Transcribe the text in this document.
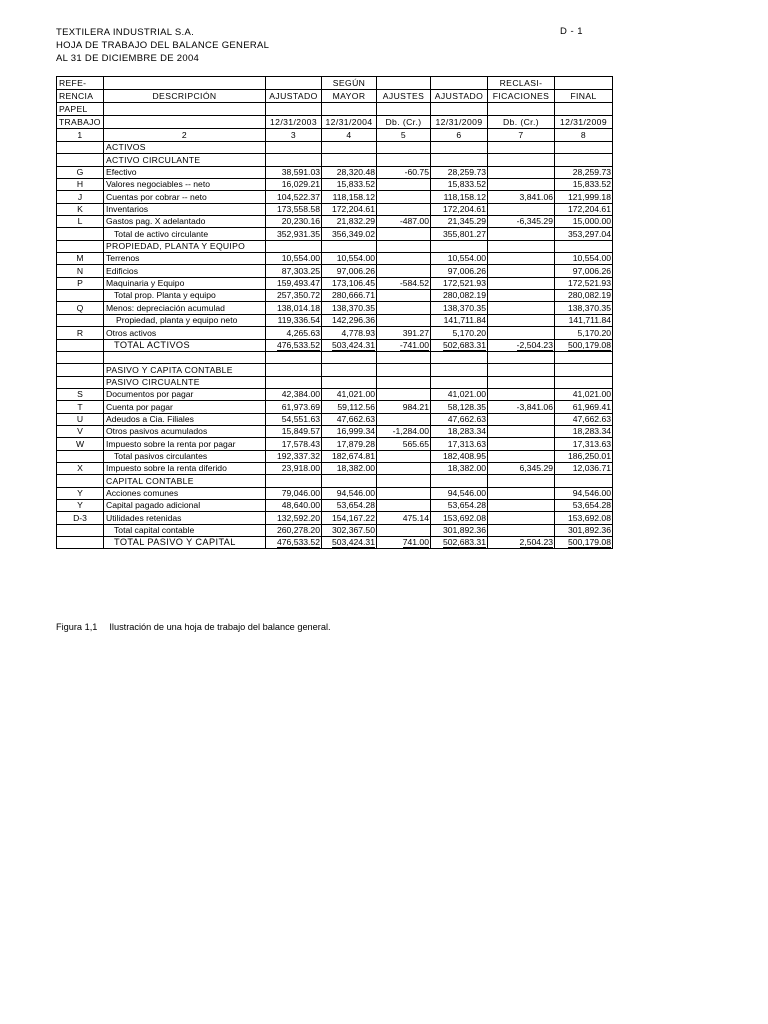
TEXTILERA INDUSTRIAL S.A.
HOJA DE TRABAJO DEL BALANCE GENERAL
AL 31 DE DICIEMBRE DE 2004
D - 1
REFE-			SEGÚN			RECLASI-	
RENCIA	DESCRIPCIÓN	AJUSTADO	MAYOR	AJUSTES	AJUSTADO	FICACIONES	FINAL
PAPEL							
TRABAJO		12/31/2003	12/31/2004	Db. (Cr.)	12/31/2009	Db. (Cr.)	12/31/2009
1	2	3	4	5	6	7	8
	ACTIVOS						
	ACTIVO CIRCULANTE						
G	Efectivo	38,591.03	28,320.48	-60.75	28,259.73		28,259.73
H	Valores negociables -- neto	16,029.21	15,833.52		15,833.52		15,833.52
J	Cuentas por cobrar -- neto	104,522.37	118,158.12		118,158.12	3,841.06	121,999.18
K	Inventarios	173,558.58	172,204.61		172,204.61		172,204.61
L	Gastos pag. X adelantado	20,230.16	21,832.29	-487.00	21,345.29	-6,345.29	15,000.00
	Total de activo circulante	352,931.35	356,349.02		355,801.27		353,297.04
	PROPIEDAD, PLANTA Y EQUIPO						
M	Terrenos	10,554.00	10,554.00		10,554.00		10,554.00
N	Edificios	87,303.25	97,006.26		97,006.26		97,006.26
P	Maquinaria y Equipo	159,493.47	173,106.45	-584.52	172,521.93		172,521.93
	Total prop. Planta y equipo	257,350.72	280,666.71		280,082.19		280,082.19
Q	Menos: depreciación acumulad	138,014.18	138,370.35		138,370.35		138,370.35
	Propiedad, planta y equipo neto	119,336.54	142,296.36		141,711.84		141,711.84
R	Otros activos	4,265.63	4,778.93	391.27	5,170.20		5,170.20
	TOTAL ACTIVOS	476,533.52	503,424.31	-741.00	502,683.31	-2,504.23	500,179.08

	PASIVO Y CAPITA CONTABLE						
	PASIVO CIRCUALNTE						
S	Documentos por pagar	42,384.00	41,021.00		41,021.00		41,021.00
T	Cuenta por pagar	61,973.69	59,112.56	984.21	58,128.35	-3,841.06	61,969.41
U	Adeudos a Cia. Filiales	54,551.63	47,662.63		47,662.63		47,662.63
V	Otros pasivos acumulados	15,849.57	16,999.34	-1,284.00	18,283.34		18,283.34
W	Impuesto sobre la renta por pagar	17,578.43	17,879.28	565.65	17,313.63		17,313.63
	Total pasivos circulantes	192,337.32	182,674.81		182,408.95		186,250.01
X	Impuesto sobre la renta diferido	23,918.00	18,382.00		18,382.00	6,345.29	12,036.71
	CAPITAL CONTABLE						
Y	Acciones comunes	79,046.00	94,546.00		94,546.00		94,546.00
Y	Capital pagado adicional	48,640.00	53,654.28		53,654.28		53,654.28
D-3	Utilidades retenidas	132,592.20	154,167.22	475.14	153,692.08		153,692.08
	Total capital contable	260,278.20	302,367.50		301,892.36		301,892.36
	TOTAL PASIVO Y CAPITAL	476,533.52	503,424.31	741.00	502,683.31	2,504.23	500,179.08
Figura 1,1 Ilustración de una hoja de trabajo del balance general.
